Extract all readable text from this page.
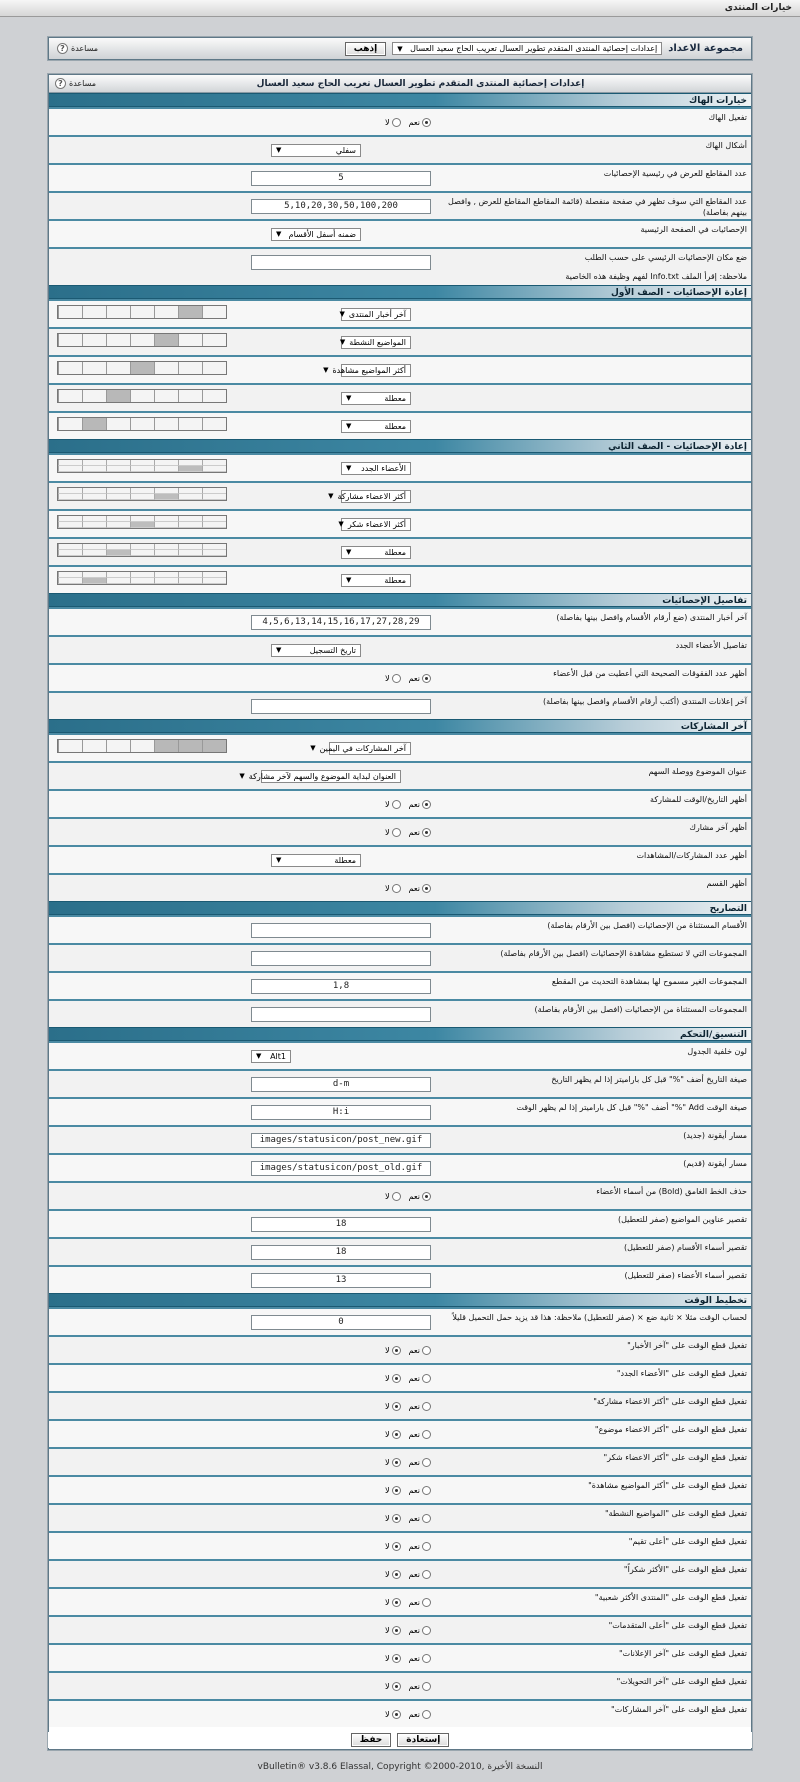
خيارات المنتدى
مجموعة الاعداد
إعدادات إحصائية المنتدى المتقدم تطوير العسال تعريب الحاج سعيد العسال
▼
إذهب
مساعدة
?
إعدادات إحصائية المنتدى المتقدم تطوير العسال تعريب الحاج سعيد العسال
مساعدة
?
خيارات الهاك
تفعيل الهاك
نعم
لا
أشكال الهاك
سفلي
▼
عدد المقاطع للعرض في رئيسية الإحصائيات
5
عدد المقاطع التي سوف تظهر في صفحة منفصلة (قائمة المقاطع المقاطع للعرض , وافصل بينهم بفاصلة)
5,10,20,30,50,100,200
الإحصائيات في الصفحة الرئيسية
ضمنه أسفل الأقسام
▼
ضع مكان الإحصائيات الرئيسي على حسب الطلب
ملاحظة: إقرأ الملف Info.txt لفهم وظيفة هذه الخاصية
إعادة الإحصائيات - الصف الأول
آخر أخبار المنتدى
▼
المواضيع النشطة
▼
أكثر المواضيع مشاهدة
▼
معطلة
▼
معطلة
▼
إعادة الإحصائيات - الصف الثاني
الأعضاء الجدد
▼
أكثر الاعضاء مشاركة
▼
أكثر الاعضاء شكر
▼
معطلة
▼
معطلة
▼
تفاصيل الإحصائيات
آخر أخبار المنتدى (ضع أرقام الأقسام وافصل بينها بفاصلة)
4,5,6,13,14,15,16,17,27,28,29
تفاصيل الأعضاء الجدد
تاريخ التسجيل
▼
أظهر عدد الفقوقات الصحيحة التي أعطيت من قبل الأعضاء
نعم
لا
آخر إعلانات المنتدى (أكتب أرقام الأقسام وافصل بينها بفاصلة)
آخر المشاركات
آخر المشاركات في اليمين
▼
عنوان الموضوع ووصلة السهم
العنوان لبداية الموضوع والسهم لآخر مشاركة
▼
أظهر التاريخ/الوقت للمشاركة
نعم
لا
أظهر آخر مشارك
نعم
لا
أظهر عدد المشاركات/المشاهدات
معطلة
▼
أظهر القسم
نعم
لا
التصاريح
الأقسام المستثناة من الإحصائيات (افصل بين الأرقام بفاصلة)
المجموعات التي لا تستطيع مشاهدة الإحصائيات (افصل بين الأرقام بفاصلة)
المجموعات الغير مسموح لها بمشاهدة التحديث من المقطع
1,8
المجموعات المستثناة من الإحصائيات (افصل بين الأرقام بفاصلة)
التنسيق/التحكم
لون خلفية الجدول
Alt1
▼
صيغة التاريخ أضف "%" قبل كل باراميتر إذا لم يظهر التاريخ
d-m
صيغة الوقت Add "%" أضف "%" قبل كل باراميتر إذا لم يظهر الوقت
H:i
مسار أيقونة (جديد)
images/statusicon/post_new.gif
مسار أيقونة (قديم)
images/statusicon/post_old.gif
حذف الخط الغامق (Bold) من أسماء الأعضاء
نعم
لا
تقصير عناوين المواضيع (صفر للتعطيل)
18
تقصير أسماء الأقسام (صفر للتعطيل)
18
تقصير أسماء الأعضاء (صفر للتعطيل)
13
تخطيط الوقت
لحساب الوقت مثلا × ثانية ضع × (صفر للتعطيل) ملاحظة: هذا قد يزيد حمل التحميل قليلاً
0
تفعيل قطع الوقت على "آخر الأخبار"
نعم
لا
تفعيل قطع الوقت على "الأعضاء الجدد"
نعم
لا
تفعيل قطع الوقت على "أكثر الاعضاء مشاركة"
نعم
لا
تفعيل قطع الوقت على "أكثر الاعضاء موضوع"
نعم
لا
تفعيل قطع الوقت على "أكثر الاعضاء شكر"
نعم
لا
تفعيل قطع الوقت على "أكثر المواضيع مشاهدة"
نعم
لا
تفعيل قطع الوقت على "المواضيع النشطة"
نعم
لا
تفعيل قطع الوقت على "أعلى تقيم"
نعم
لا
تفعيل قطع الوقت على "الأكثر شكراً"
نعم
لا
تفعيل قطع الوقت على "المنتدى الأكثر شعبية"
نعم
لا
تفعيل قطع الوقت على "أعلى المتقدمات"
نعم
لا
تفعيل قطع الوقت على "آخر الإعلانات"
نعم
لا
تفعيل قطع الوقت على "آخر التحويلات"
نعم
لا
تفعيل قطع الوقت على "آخر المشاركات"
نعم
لا
حفظ	إستعادة
vBulletin® v3.8.6 Elassal, Copyright ©2000-2010, النسخة الأخيرة
